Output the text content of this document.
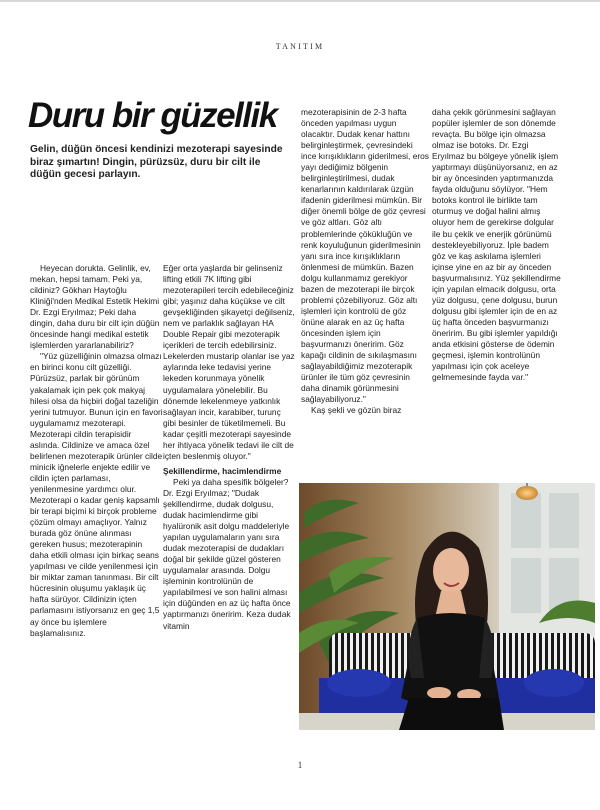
TANITIM
Duru bir güzellik

Gelin, düğün öncesi kendinizi mezoterapi sayesinde biraz şımartın! Dingin, pürüzsüz, duru bir cilt ile düğün gecesi parlayın.

Heyecan dorukta. Gelinlik, ev, mekan, hepsi tamam. Peki ya, cildiniz? Gökhan Haytoğlu Kliniği'nden Medikal Estetik Hekimi Dr. Ezgi Eryılmaz; Peki daha dingin, daha duru bir cilt için düğün öncesinde hangi medikal estetik işlemlerden yararlanabiliriz?

"Yüz güzelliğinin olmazsa olmazı en birinci konu cilt güzelliği. Pürüzsüz, parlak bir görünüm yakalamak için pek çok makyaj hilesi olsa da hiçbiri doğal tazeliğin yerini tutmuyor. Bunun için en favori uygulamamız mezoterapi. Mezoterapi cildin terapisidir aslında. Cildinize ve amaca özel belirlenen mezoterapik ürünler cilde minicik iğnelerle enjekte edilir ve cildin içten parlaması, yenilenmesine yardımcı olur. Mezoterapi o kadar geniş kapsamlı bir terapi biçimi ki birçok probleme çözüm olmayı amaçlıyor. Yalnız burada göz önüne alınması gereken husus; mezoterapinin daha etkili olması için birkaç seans yapılması ve cilde yenilenmesi için bir miktar zaman tanınması. Bir cilt hücresinin oluşumu yaklaşık üç hafta sürüyor. Cildinizin içten parlamasını istiyorsanız en geç 1,5 ay önce bu işlemlere başlamalısınız.

Eğer orta yaşlarda bir gelinseniz lifting etkili 7K lifting gibi mezoterapileri tercih edebileceğiniz gibi; yaşınız daha küçükse ve cilt gevşekliğinden şikayetçi değilseniz, nem ve parlaklık sağlayan HA Double Repair gibi mezoterapik içerikleri de tercih edebilirsiniz. Lekelerden mustarip olanlar ise yaz aylarında leke tedavisi yerine lekeden korunmaya yönelik uygulamalara yönelebilir. Bu dönemde lekelenmeye yatkınlık sağlayan incir, karabiber, turunç gibi besinler de tüketilmemeli. Bu kadar çeşitli mezoterapi sayesinde her ihtiyaca yönelik tedavi ile cilt de içten beslenmiş oluyor."

Şekillendirme, hacimlendirme

Peki ya daha spesifik bölgeler? Dr. Ezgi Eryılmaz; "Dudak şekillendirme, dudak dolgusu, dudak hacimlendirme gibi hyalüronik asit dolgu maddeleriyle yapılan uygulamaların yanı sıra dudak mezoterapisi de dudakları doğal bir şekilde güzel gösteren uygulamalar arasında. Dolgu işleminin kontrolünün de yapılabilmesi ve son halini alması için düğünden en az üç hafta önce yaptırmanızı öneririm. Keza dudak vitamin

mezoterapisinin de 2-3 hafta önceden yapılması uygun olacaktır. Dudak kenar hattını belirginleştirmek, çevresindeki ince kırışıklıkların giderilmesi, eros yayı dediğimiz bölgenin belirginleştirilmesi, dudak kenarlarının kaldırılarak üzgün ifadenin giderilmesi mümkün. Bir diğer önemli bölge de göz çevresi ve göz altları. Göz altı problemlerinde çökükluğün ve renk koyuluğunun giderilmesinin yanı sıra ince kırışıklıkların önlenmesi de mümkün. Bazen dolgu kullanmamız gerekiyor bazen de mezoterapi ile birçok problemi çözebiliyoruz. Göz altı işlemleri için kontrolü de göz önüne alarak en az üç hafta öncesinden işlem için başvurmanızı öneririm. Göz kapağı cildinin de sıkılaşmasını sağlayabildiğimiz mezoterapik ürünler ile tüm göz çevresinin daha dinamik görünmesini sağlayabiliyoruz."

Kaş şekli ve gözün biraz

daha çekik görünmesini sağlayan popüler işlemler de son dönemde revaçta. Bu bölge için olmazsa olmaz ise botoks. Dr. Ezgi Eryılmaz bu bölgeye yönelik işlem yaptırmayı düşünüyorsanız, en az bir ay öncesinden yaptırmanızda fayda olduğunu söylüyor. "Hem botoks kontrol ile birlikte tam oturmuş ve doğal halini almış oluyor hem de gerekirse dolgular ile bu çekik ve enerjik görünümü destekleyebiliyoruz. İple badem göz ve kaş askılama işlemleri içinse yine en az bir ay önceden başvurmalısınız. Yüz şekillendirme için yapılan elmacık dolgusu, orta yüz dolgusu, çene dolgusu, burun dolgusu gibi işlemler için de en az üç hafta önceden başvurmanızı öneririm. Bu gibi işlemler yapıldığı anda etkisini gösterse de ödemin geçmesi, işlemin kontrolünün yapılması için çok aceleye gelmemesinde fayda var."

1
